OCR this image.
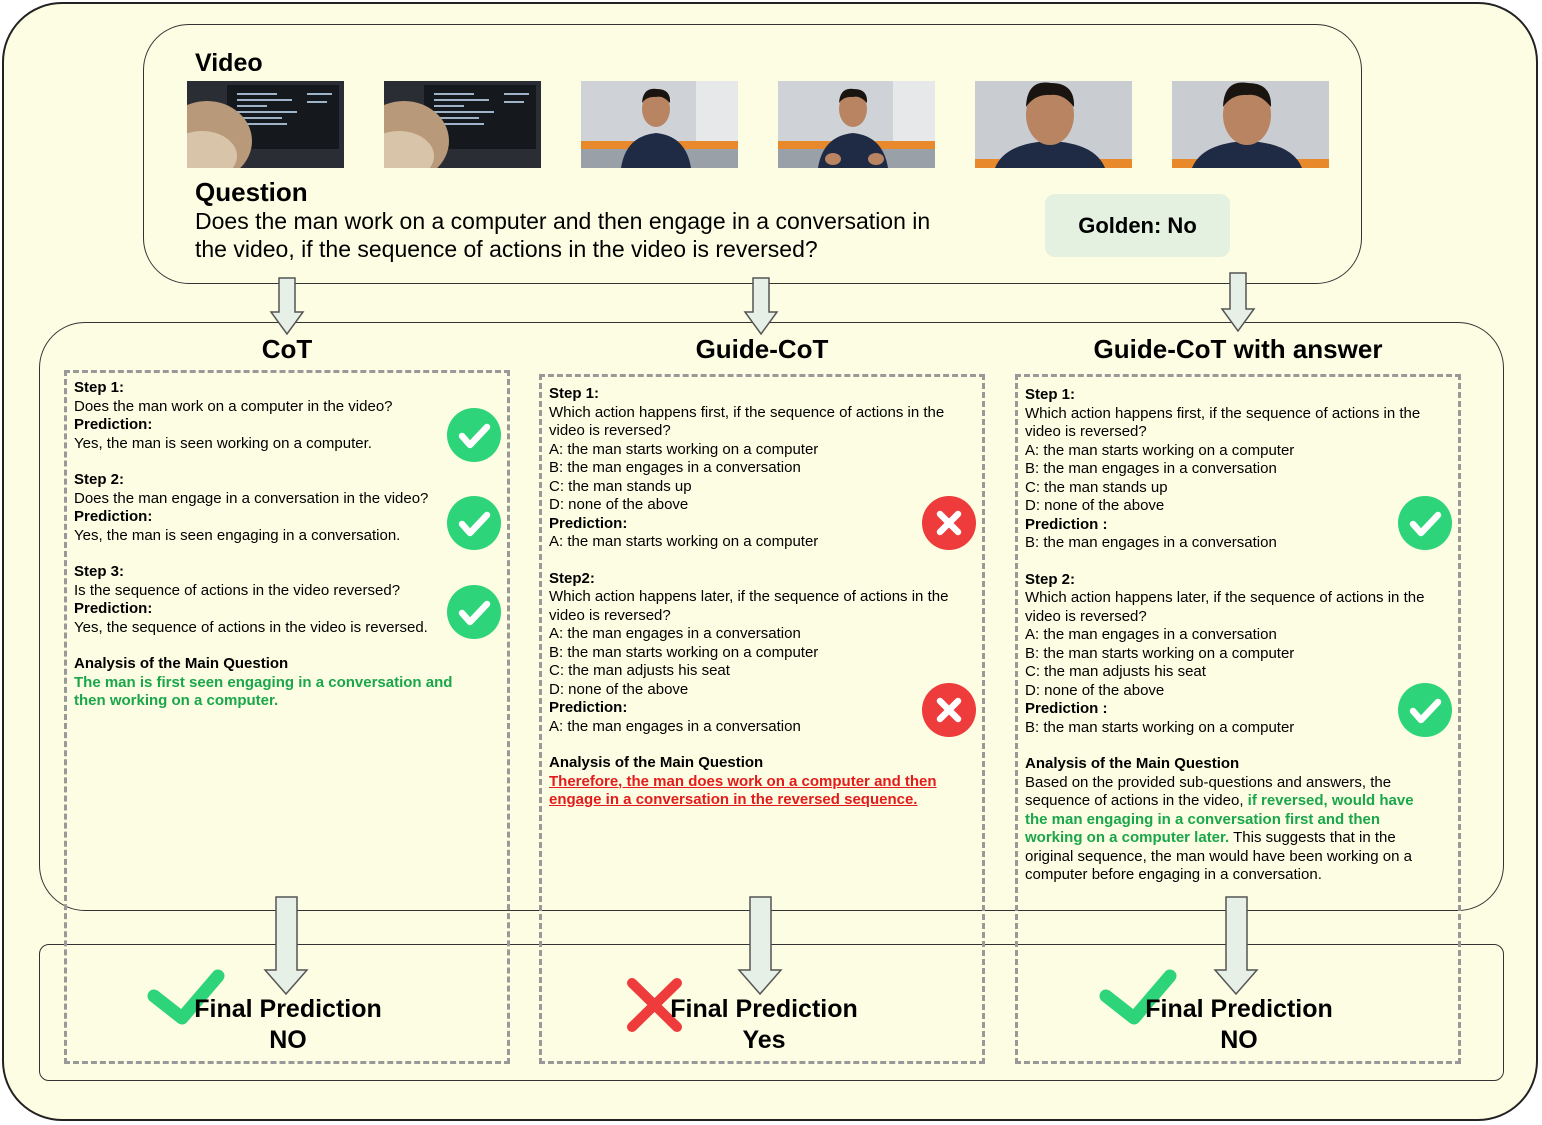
Video
Question
Does the man work on a computer and then engage in a conversation in the video, if the sequence of actions in the video is reversed?
Golden: No
CoT	Guide-CoT	Guide-CoT with answer
Step 1:
Does the man work on a computer in the video?
Prediction:
Yes, the man is seen working on a computer.
Step 2:
Does the man engage in a conversation in the video?
Prediction:
Yes, the man is seen engaging in a conversation.
Step 3:
Is the sequence of actions in the video reversed?
Prediction:
Yes, the sequence of actions in the video is reversed.
Analysis of the Main Question
The man is first seen engaging in a conversation and
then working on a computer.
Step 1:
Which action happens first, if the sequence of actions in the
video is reversed?
A: the man starts working on a computer
B: the man engages in a conversation
C: the man stands up
D: none of the above
Prediction:
A: the man starts working on a computer
Step2:
Which action happens later, if the sequence of actions in the
video is reversed?
A: the man engages in a conversation
B: the man starts working on a computer
C: the man adjusts his seat
D: none of the above
Prediction:
A: the man engages in a conversation
Analysis of the Main Question
Therefore, the man does work on a computer and then
engage in a conversation in the reversed sequence.
Step 1:
Which action happens first, if the sequence of actions in the
video is reversed?
A: the man starts working on a computer
B: the man engages in a conversation
C: the man stands up
D: none of the above
Prediction :
B: the man engages in a conversation
Step 2:
Which action happens later, if the sequence of actions in the
video is reversed?
A: the man engages in a conversation
B: the man starts working on a computer
C: the man adjusts his seat
D: none of the above
Prediction :
B: the man starts working on a computer
Analysis of the Main Question
Based on the provided sub-questions and answers, the
sequence of actions in the video, if reversed, would have
the man engaging in a conversation first and then
working on a computer later. This suggests that in the
original sequence, the man would have been working on a
computer before engaging in a conversation.
Final Prediction
NO
Final Prediction
Yes
Final Prediction
NO
